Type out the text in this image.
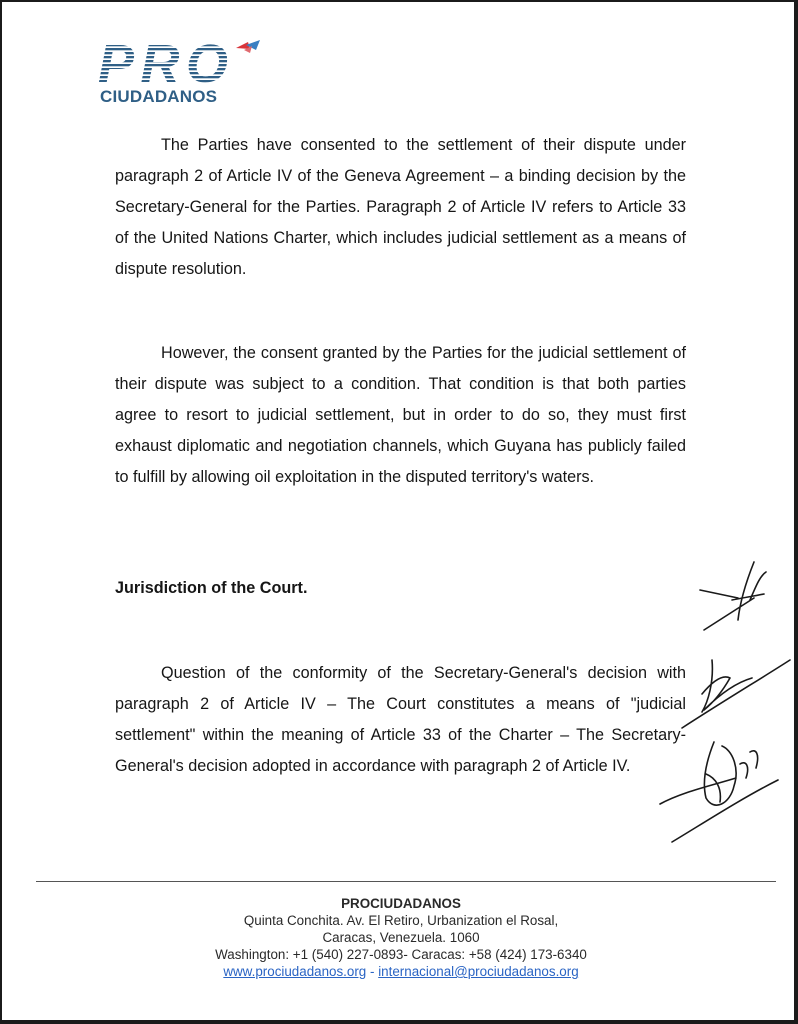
PRO
CIUDADANOS

The Parties have consented to the settlement of their dispute under paragraph 2 of Article IV of the Geneva Agreement – a binding decision by the Secretary-General for the Parties. Paragraph 2 of Article IV refers to Article 33 of the United Nations Charter, which includes judicial settlement as a means of dispute resolution.

However, the consent granted by the Parties for the judicial settlement of their dispute was subject to a condition. That condition is that both parties agree to resort to judicial settlement, but in order to do so, they must first exhaust diplomatic and negotiation channels, which Guyana has publicly failed to fulfill by allowing oil exploitation in the disputed territory's waters.

Jurisdiction of the Court.

Question of the conformity of the Secretary-General's decision with paragraph 2 of Article IV – The Court constitutes a means of "judicial settlement" within the meaning of Article 33 of the Charter – The Secretary-General's decision adopted in accordance with paragraph 2 of Article IV.

PROCIUDADANOS
Quinta Conchita. Av. El Retiro, Urbanization el Rosal,
Caracas, Venezuela. 1060
Washington: +1 (540) 227-0893- Caracas: +58 (424) 173-6340
www.prociudadanos.org - internacional@prociudadanos.org
